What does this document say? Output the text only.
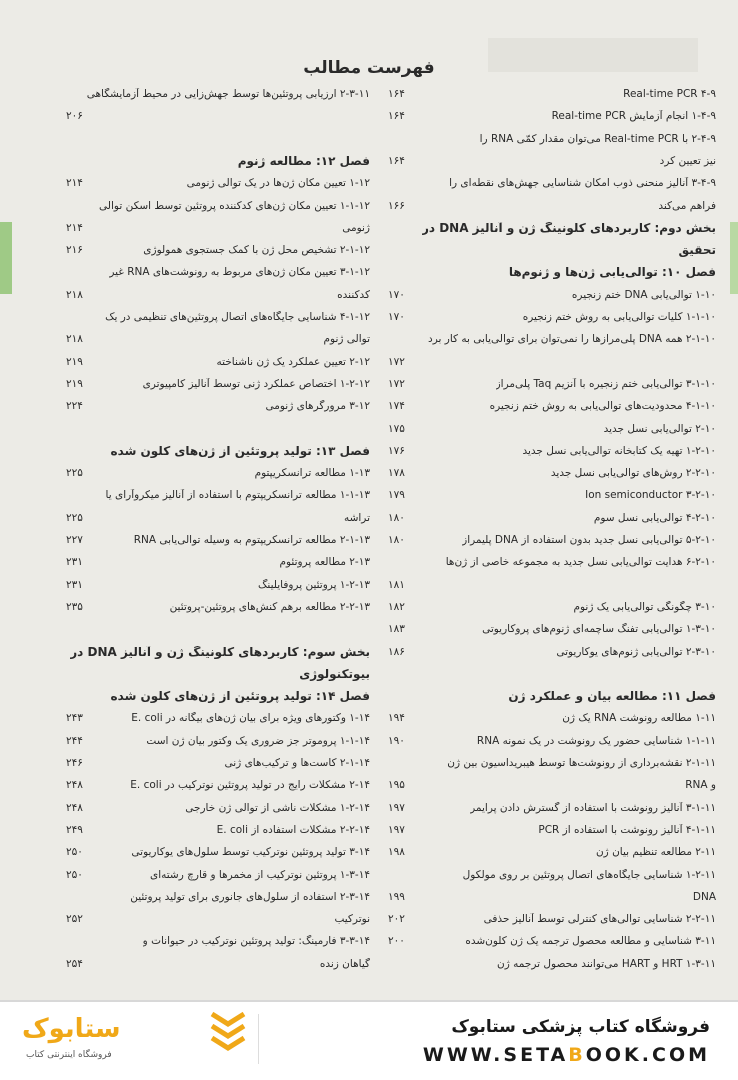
فهرست مطالب
۴-۹ Real-time PCR
۱۶۴
۱-۴-۹ انجام آزمایش Real-time PCR
۱۶۴
۲-۴-۹ با Real-time PCR می‌توان مقدار کمّی RNA را
نیز تعیین کرد
۱۶۴
۳-۴-۹ آنالیز منحنی ذوب امکان شناسایی جهش‌های نقطه‌ای را
فراهم می‌کند
۱۶۶
بخش دوم: کاربردهای کلونینگ ژن و آنالیز DNA در
تحقیق
فصل ۱۰: توالی‌یابی ژن‌ها و ژنوم‌ها
۱-۱۰ توالی‌یابی DNA ختم زنجیره
۱۷۰
۱-۱-۱۰ کلیات توالی‌یابی به روش ختم زنجیره
۱۷۰
۲-۱-۱۰ همه DNA پلی‌مرازها را نمی‌توان برای توالی‌یابی به کار برد
۱۷۲
۳-۱-۱۰ توالی‌یابی ختم زنجیره با آنزیم Taq پلی‌مراز
۱۷۲
۴-۱-۱۰ محدودیت‌های توالی‌یابی به روش ختم زنجیره
۱۷۴
۲-۱۰ توالی‌یابی نسل جدید
۱۷۵
۱-۲-۱۰ تهیه یک کتابخانه توالی‌یابی نسل جدید
۱۷۶
۲-۲-۱۰ روش‌های توالی‌یابی نسل جدید
۱۷۸
۳-۲-۱۰ Ion semiconductor
۱۷۹
۴-۲-۱۰ توالی‌یابی نسل سوم
۱۸۰
۵-۲-۱۰ توالی‌یابی نسل جدید بدون استفاده از DNA پلیمراز
۱۸۰
۶-۲-۱۰ هدایت توالی‌یابی نسل جدید به مجموعه خاصی از ژن‌ها
۱۸۱
۳-۱۰ چگونگی توالی‌یابی یک ژنوم
۱۸۲
۱-۳-۱۰ توالی‌یابی تفنگ ساچمه‌ای ژنوم‌های پروکاریوتی
۱۸۳
۲-۳-۱۰ توالی‌یابی ژنوم‌های یوکاریوتی
۱۸۶
فصل ۱۱: مطالعه بیان و عملکرد ژن
۱-۱۱ مطالعه رونوشت RNA یک ژن
۱۹۴
۱-۱-۱۱ شناسایی حضور یک رونوشت در یک نمونه RNA
۱۹۰
۲-۱-۱۱ نقشه‌برداری از رونوشت‌ها توسط هیبریداسیون بین ژن
و RNA
۱۹۵
۳-۱-۱۱ آنالیز رونوشت با استفاده از گسترش دادن پرایمر
۱۹۷
۴-۱-۱۱ آنالیز رونوشت با استفاده از PCR
۱۹۷
۲-۱۱ مطالعه تنظیم بیان ژن
۱۹۸
۱-۲-۱۱ شناسایی جایگاه‌های اتصال پروتئین بر روی مولکول
DNA
۱۹۹
۲-۲-۱۱ شناسایی توالی‌های کنترلی توسط آنالیز حذفی
۲۰۲
۳-۱۱ شناسایی و مطالعه محصول ترجمه یک ژن کلون‌شده
۲۰۰
۱-۳-۱۱ HRT و HART می‌توانند محصول ترجمه ژن
۲-۳-۱۱ ارزیابی پروتئین‌ها توسط جهش‌زایی در محیط آزمایشگاهی
۲۰۶
فصل ۱۲: مطالعه ژنوم
۱-۱۲ تعیین مکان ژن‌ها در یک توالی ژنومی
۲۱۴
۱-۱-۱۲ تعیین مکان ژن‌های کدکننده پروتئین توسط اسکن توالی
ژنومی
۲۱۴
۲-۱-۱۲ تشخیص محل ژن با کمک جستجوی همولوژی
۲۱۶
۳-۱-۱۲ تعیین مکان ژن‌های مربوط به رونوشت‌های RNA غیر
کدکننده
۲۱۸
۴-۱-۱۲ شناسایی جایگاه‌های اتصال پروتئین‌های تنظیمی در یک
توالی ژنوم
۲۱۸
۲-۱۲ تعیین عملکرد یک ژن ناشناخته
۲۱۹
۱-۲-۱۲ اختصاص عملکرد ژنی توسط آنالیز کامپیوتری
۲۱۹
۳-۱۲ مرورگرهای ژنومی
۲۲۴
فصل ۱۳: تولید پروتئین از ژن‌های کلون شده
۱-۱۳ مطالعه ترانسکریپتوم
۲۲۵
۱-۱-۱۳ مطالعه ترانسکریپتوم با استفاده از آنالیز میکروآرای یا
تراشه
۲۲۵
۲-۱-۱۳ مطالعه ترانسکریپتوم به وسیله توالی‌یابی RNA
۲۲۷
۲-۱۳ مطالعه پروتئوم
۲۳۱
۱-۲-۱۳ پروتئین پروفایلینگ
۲۳۱
۲-۲-۱۳ مطالعه برهم کنش‌های پروتئین-پروتئین
۲۳۵
بخش سوم: کاربردهای کلونینگ ژن و آنالیز DNA در
بیوتکنولوژی
فصل ۱۴: تولید پروتئین از ژن‌های کلون شده
۱-۱۴ وکتورهای ویژه برای بیان ژن‌های بیگانه در E. coli
۲۴۳
۱-۱-۱۴ پروموتر جز ضروری یک وکتور بیان ژن است
۲۴۴
۲-۱-۱۴ کاست‌ها و ترکیب‌های ژنی
۲۴۶
۲-۱۴ مشکلات رایج در تولید پروتئین نوترکیب در E. coli
۲۴۸
۱-۲-۱۴ مشکلات ناشی از توالی ژن خارجی
۲۴۸
۲-۲-۱۴ مشکلات استفاده از E. coli
۲۴۹
۳-۱۴ تولید پروتئین نوترکیب توسط سلول‌های یوکاریوتی
۲۵۰
۱-۳-۱۴ پروتئین نوترکیب از مخمرها و قارچ رشته‌ای
۲۵۰
۲-۳-۱۴ استفاده از سلول‌های جانوری برای تولید پروتئین
نوترکیب
۲۵۲
۳-۳-۱۴ فارمینگ: تولید پروتئین نوترکیب در حیوانات و
گیاهان زنده
۲۵۴
ستابوک
فروشگاه اینترنتی کتاب
فروشگاه کتاب پزشکی ستابوک
WWW.SETABOOK.COM
